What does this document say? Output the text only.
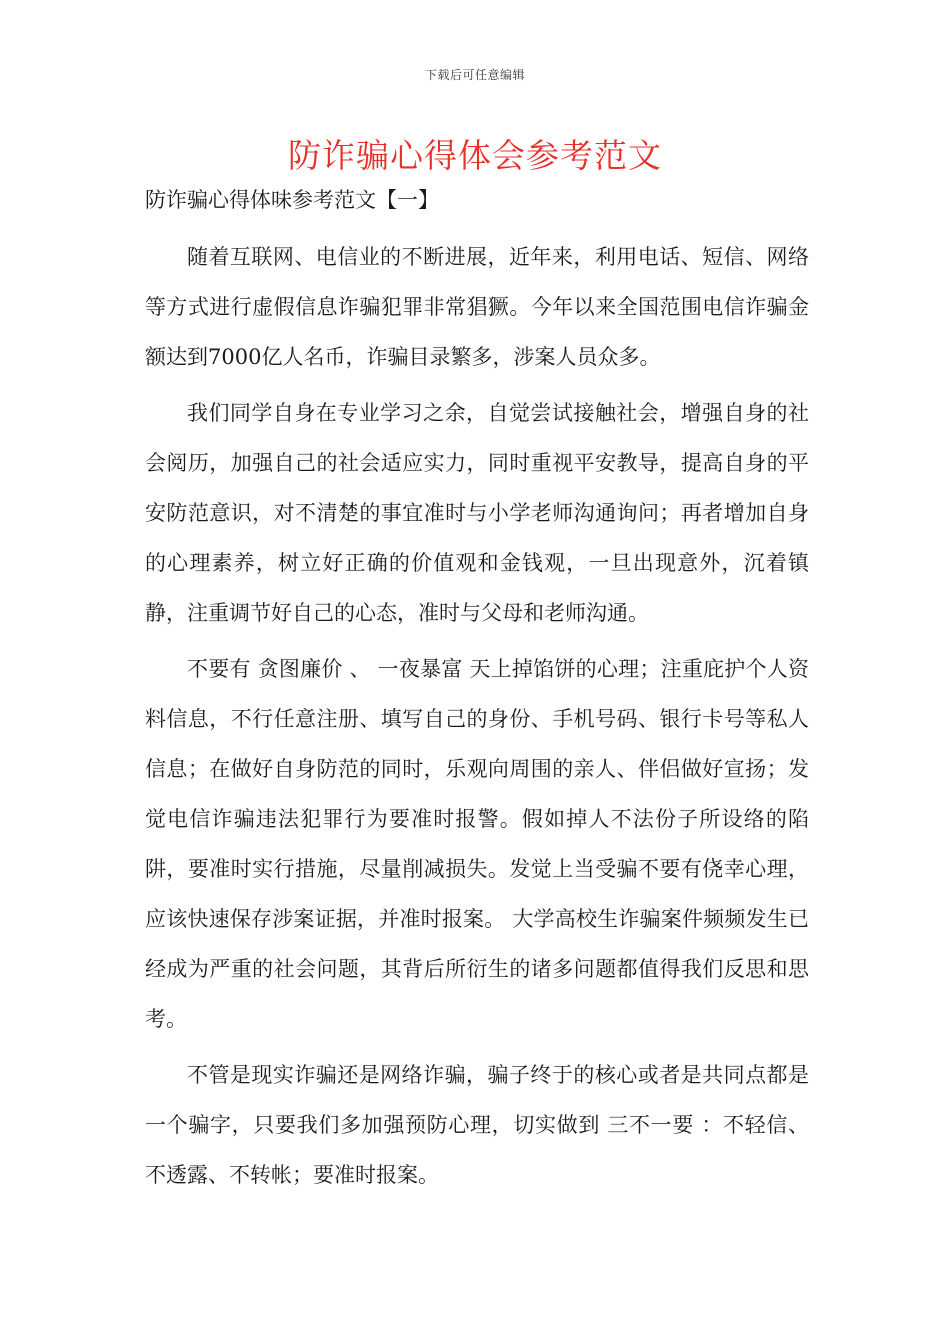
下载后可任意编辑
防诈骗心得体会参考范文
防诈骗心得体味参考范文【一】

随着互联网、电信业的不断进展，近年来，利用电话、短信、网络等方式进行虚假信息诈骗犯罪非常猖獗。今年以来全国范围电信诈骗金额达到7000亿人名币，诈骗目录繁多，涉案人员众多。

我们同学自身在专业学习之余，自觉尝试接触社会，增强自身的社会阅历，加强自己的社会适应实力，同时重视平安教导，提高自身的平安防范意识，对不清楚的事宜准时与小学老师沟通询问；再者增加自身的心理素养，树立好正确的价值观和金钱观，一旦出现意外，沉着镇静，注重调节好自己的心态，准时与父母和老师沟通。

不要有 贪图廉价 、 一夜暴富 天上掉馅饼的心理；注重庇护个人资料信息，不行任意注册、填写自己的身份、手机号码、银行卡号等私人信息；在做好自身防范的同时，乐观向周围的亲人、伴侣做好宣扬；发觉电信诈骗违法犯罪行为要准时报警。假如掉人不法份子所设络的陷阱，要准时实行措施，尽量削减损失。发觉上当受骗不要有侥幸心理，应该快速保存涉案证据，并准时报案。 大学高校生诈骗案件频频发生已经成为严重的社会问题，其背后所衍生的诸多问题都值得我们反思和思考。

不管是现实诈骗还是网络诈骗，骗子终于的核心或者是共同点都是一个骗字，只要我们多加强预防心理，切实做到 三不一要 ：不轻信、不透露、不转帐；要准时报案。
